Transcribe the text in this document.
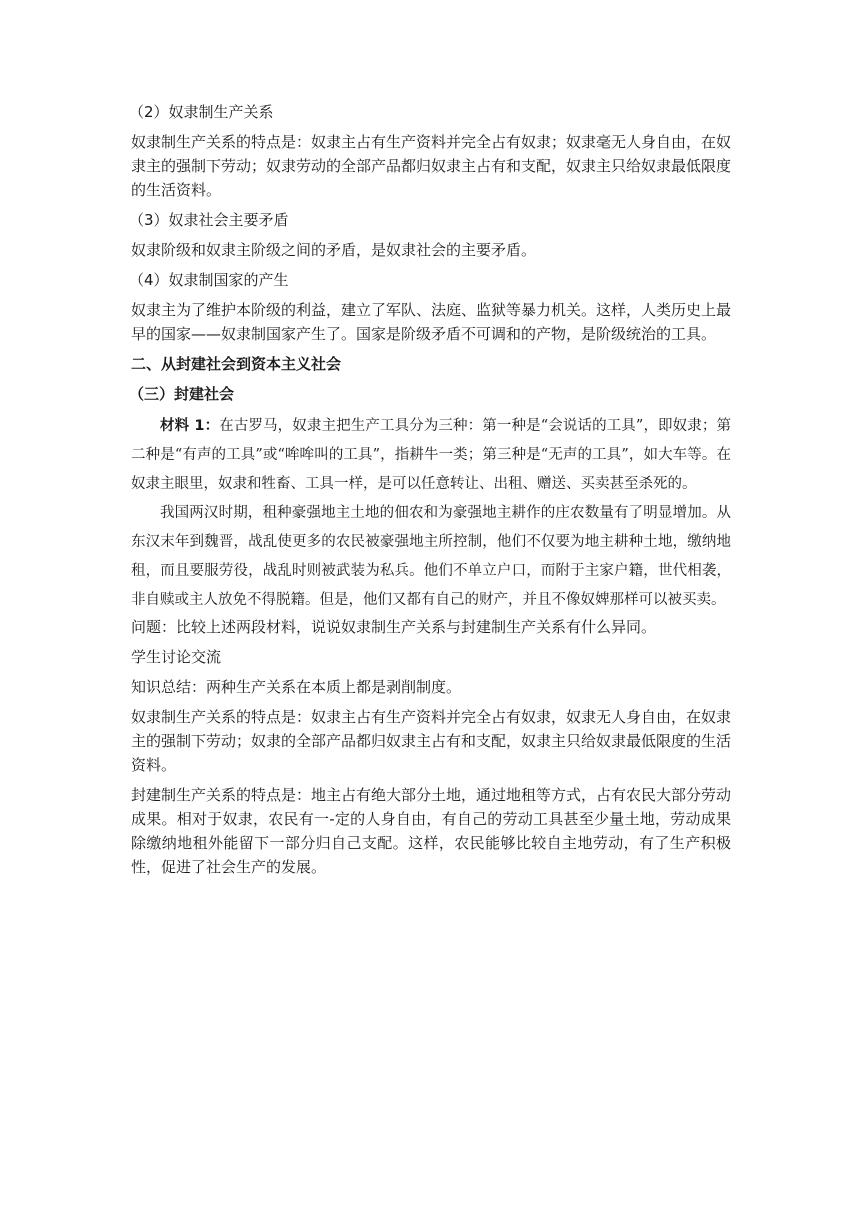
（2）奴隶制生产关系

奴隶制生产关系的特点是：奴隶主占有生产资料并完全占有奴隶；奴隶毫无人身自由，在奴隶主的强制下劳动；奴隶劳动的全部产品都归奴隶主占有和支配，奴隶主只给奴隶最低限度的生活资料。

（3）奴隶社会主要矛盾

奴隶阶级和奴隶主阶级之间的矛盾，是奴隶社会的主要矛盾。

（4）奴隶制国家的产生

奴隶主为了维护本阶级的利益，建立了军队、法庭、监狱等暴力机关。这样，人类历史上最早的国家——奴隶制国家产生了。国家是阶级矛盾不可调和的产物，是阶级统治的工具。

二、从封建社会到资本主义社会

（三）封建社会

材料 1：在古罗马，奴隶主把生产工具分为三种：第一种是“会说话的工具”，即奴隶；第二种是“有声的工具”或“哞哞叫的工具”，指耕牛一类；第三种是“无声的工具”，如大车等。在奴隶主眼里，奴隶和牲畜、工具一样，是可以任意转让、出租、赠送、买卖甚至杀死的。

我国两汉时期，租种豪强地主土地的佃农和为豪强地主耕作的庄农数量有了明显增加。从东汉末年到魏晋，战乱使更多的农民被豪强地主所控制，他们不仅要为地主耕种土地，缴纳地租，而且要服劳役，战乱时则被武装为私兵。他们不单立户口，而附于主家户籍，世代相袭，非自赎或主人放免不得脱籍。但是，他们又都有自己的财产，并且不像奴婢那样可以被买卖。

问题：比较上述两段材料，说说奴隶制生产关系与封建制生产关系有什么异同。

学生讨论交流

知识总结：两种生产关系在本质上都是剥削制度。

奴隶制生产关系的特点是：奴隶主占有生产资料并完全占有奴隶，奴隶无人身自由，在奴隶主的强制下劳动；奴隶的全部产品都归奴隶主占有和支配，奴隶主只给奴隶最低限度的生活资料。

封建制生产关系的特点是：地主占有绝大部分土地，通过地租等方式，占有农民大部分劳动成果。相对于奴隶，农民有一-定的人身自由，有自己的劳动工具甚至少量土地，劳动成果除缴纳地租外能留下一部分归自己支配。这样，农民能够比较自主地劳动，有了生产积极性，促进了社会生产的发展。
